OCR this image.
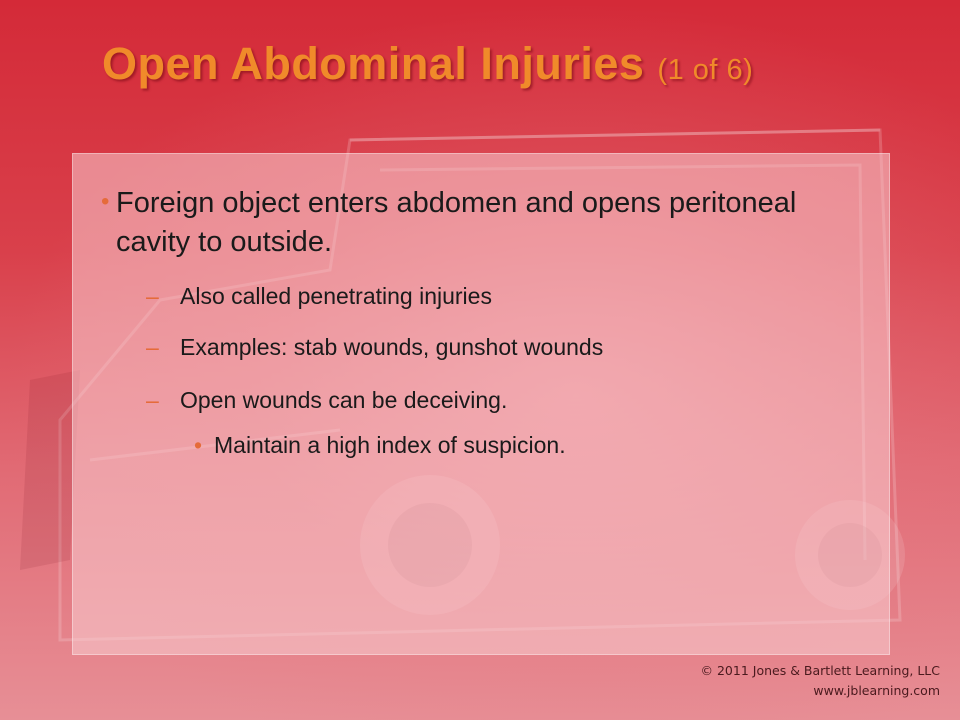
Open Abdominal Injuries (1 of 6)
• Foreign object enters abdomen and opens peritoneal cavity to outside.
– Also called penetrating injuries
– Examples: stab wounds, gunshot wounds
– Open wounds can be deceiving.
• Maintain a high index of suspicion.
© 2011 Jones & Bartlett Learning, LLC
www.jblearning.com
